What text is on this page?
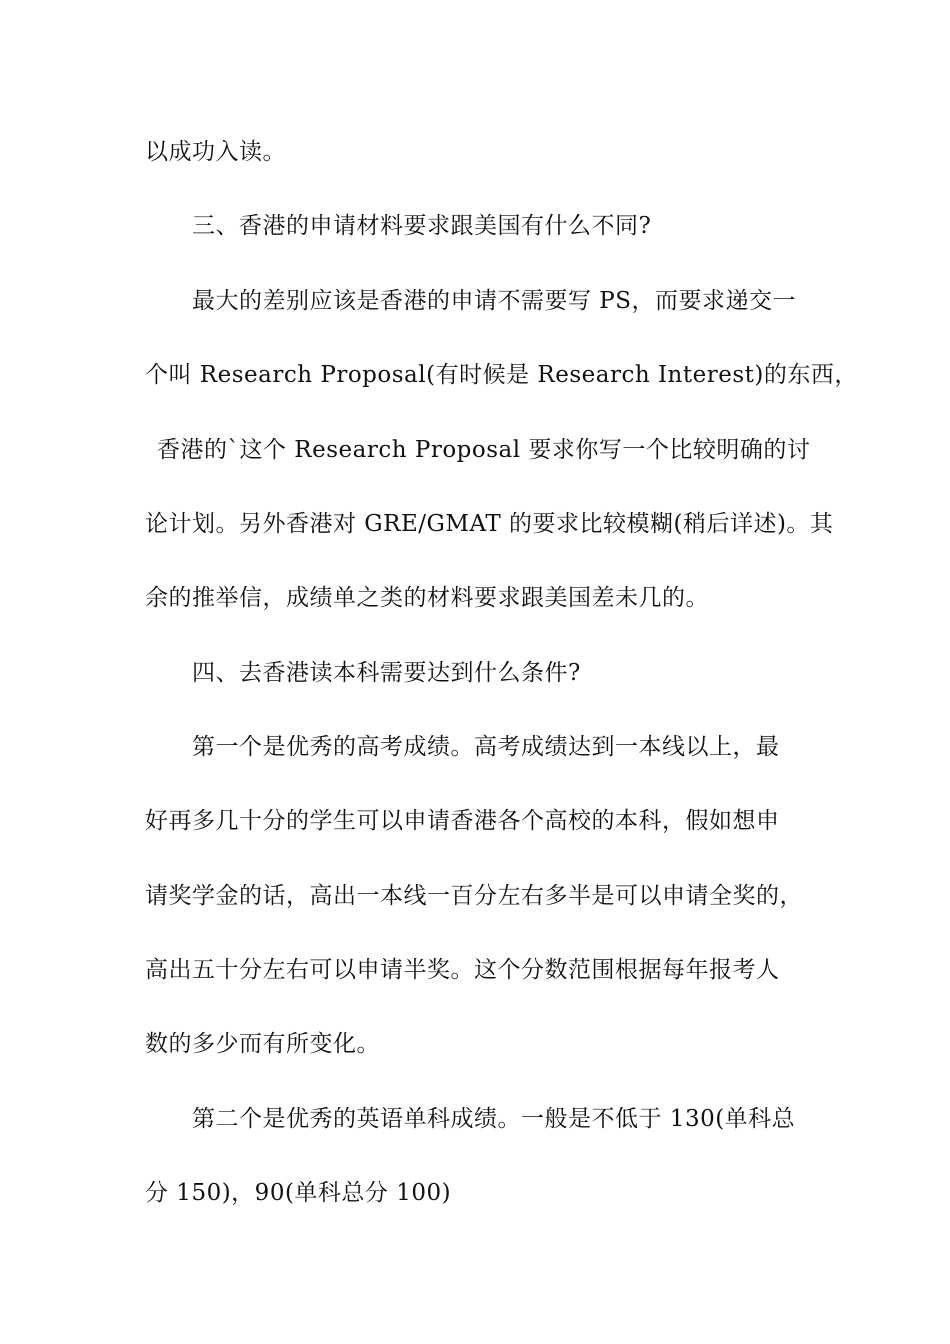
以成功入读。
三、香港的申请材料要求跟美国有什么不同?
最大的差别应该是香港的申请不需要写 PS，而要求递交一
个叫 Research Proposal(有时候是 Research Interest)的东西，
香港的`这个 Research Proposal 要求你写一个比较明确的讨
论计划。另外香港对 GRE/GMAT 的要求比较模糊(稍后详述)。其
余的推举信，成绩单之类的材料要求跟美国差未几的。
四、去香港读本科需要达到什么条件?
第一个是优秀的高考成绩。高考成绩达到一本线以上，最
好再多几十分的学生可以申请香港各个高校的本科，假如想申
请奖学金的话，高出一本线一百分左右多半是可以申请全奖的，
高出五十分左右可以申请半奖。这个分数范围根据每年报考人
数的多少而有所变化。
第二个是优秀的英语单科成绩。一般是不低于 130(单科总
分 150)，90(单科总分 100)
